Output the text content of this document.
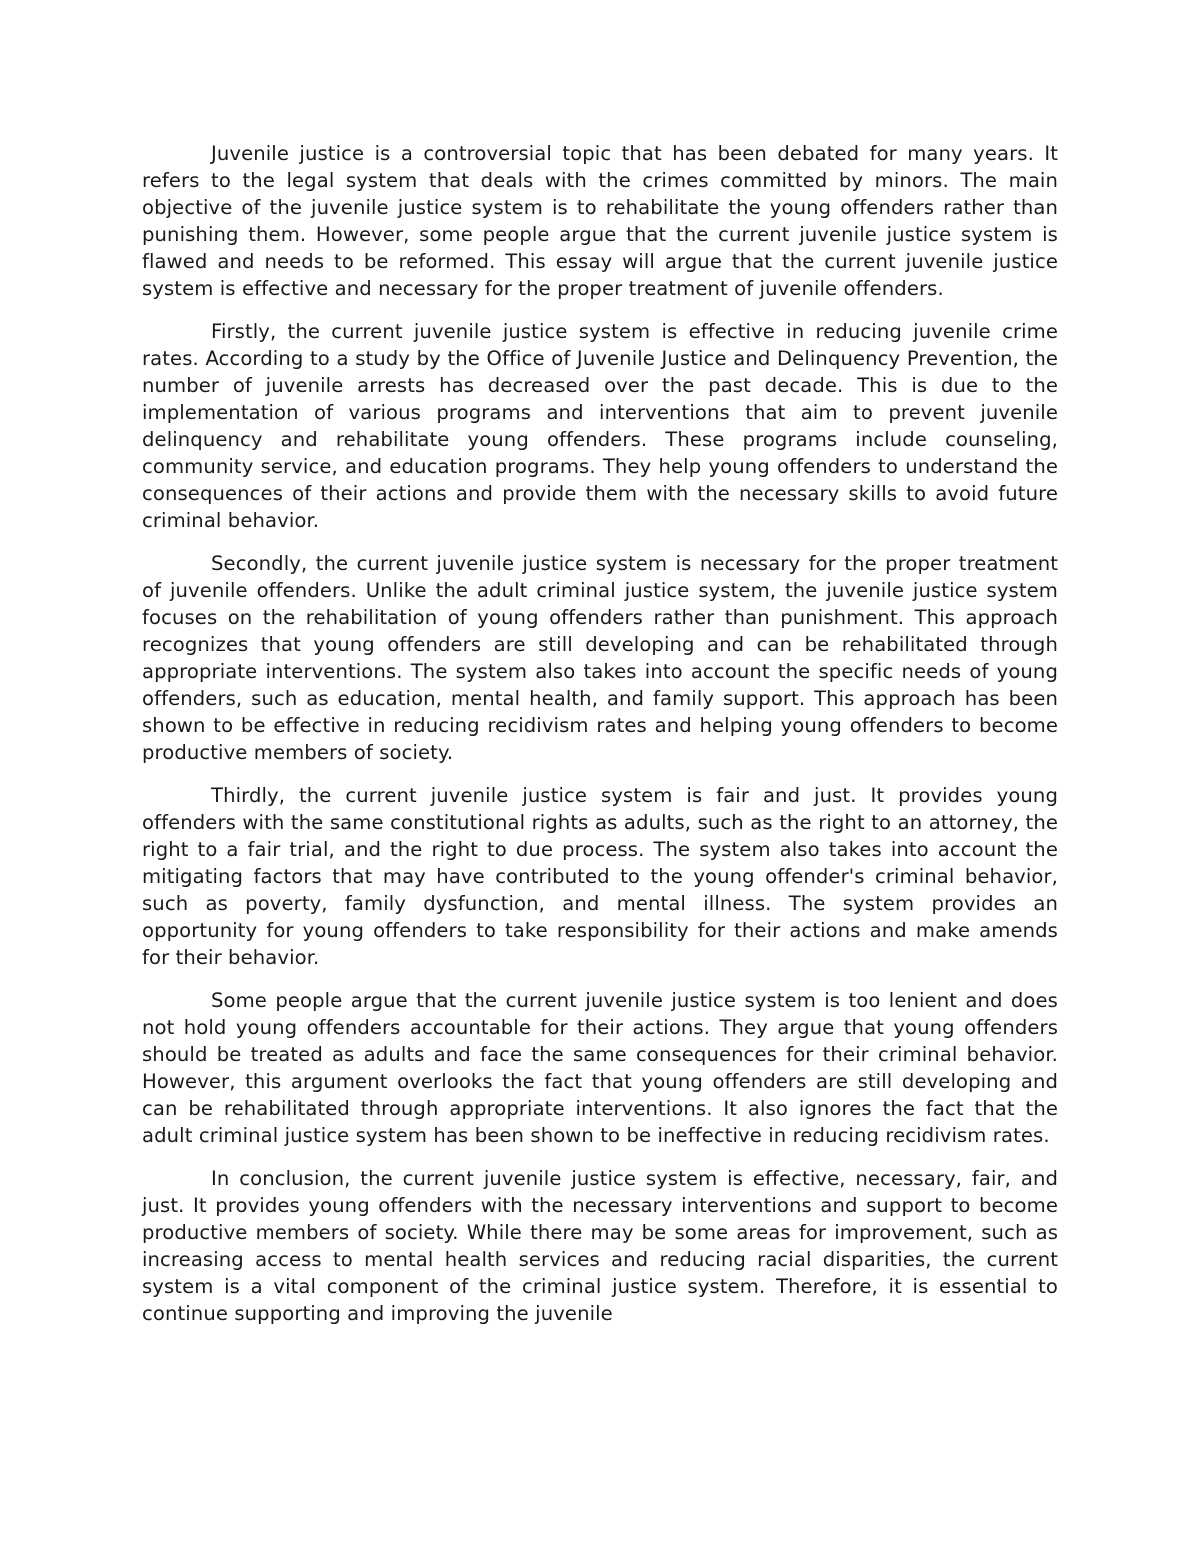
Juvenile justice is a controversial topic that has been debated for many years. It refers to the legal system that deals with the crimes committed by minors. The main objective of the juvenile justice system is to rehabilitate the young offenders rather than punishing them. However, some people argue that the current juvenile justice system is flawed and needs to be reformed. This essay will argue that the current juvenile justice system is effective and necessary for the proper treatment of juvenile offenders.

Firstly, the current juvenile justice system is effective in reducing juvenile crime rates. According to a study by the Office of Juvenile Justice and Delinquency Prevention, the number of juvenile arrests has decreased over the past decade. This is due to the implementation of various programs and interventions that aim to prevent juvenile delinquency and rehabilitate young offenders. These programs include counseling, community service, and education programs. They help young offenders to understand the consequences of their actions and provide them with the necessary skills to avoid future criminal behavior.

Secondly, the current juvenile justice system is necessary for the proper treatment of juvenile offenders. Unlike the adult criminal justice system, the juvenile justice system focuses on the rehabilitation of young offenders rather than punishment. This approach recognizes that young offenders are still developing and can be rehabilitated through appropriate interventions. The system also takes into account the specific needs of young offenders, such as education, mental health, and family support. This approach has been shown to be effective in reducing recidivism rates and helping young offenders to become productive members of society.

Thirdly, the current juvenile justice system is fair and just. It provides young offenders with the same constitutional rights as adults, such as the right to an attorney, the right to a fair trial, and the right to due process. The system also takes into account the mitigating factors that may have contributed to the young offender's criminal behavior, such as poverty, family dysfunction, and mental illness. The system provides an opportunity for young offenders to take responsibility for their actions and make amends for their behavior.

Some people argue that the current juvenile justice system is too lenient and does not hold young offenders accountable for their actions. They argue that young offenders should be treated as adults and face the same consequences for their criminal behavior. However, this argument overlooks the fact that young offenders are still developing and can be rehabilitated through appropriate interventions. It also ignores the fact that the adult criminal justice system has been shown to be ineffective in reducing recidivism rates.

In conclusion, the current juvenile justice system is effective, necessary, fair, and just. It provides young offenders with the necessary interventions and support to become productive members of society. While there may be some areas for improvement, such as increasing access to mental health services and reducing racial disparities, the current system is a vital component of the criminal justice system. Therefore, it is essential to continue supporting and improving the juvenile
